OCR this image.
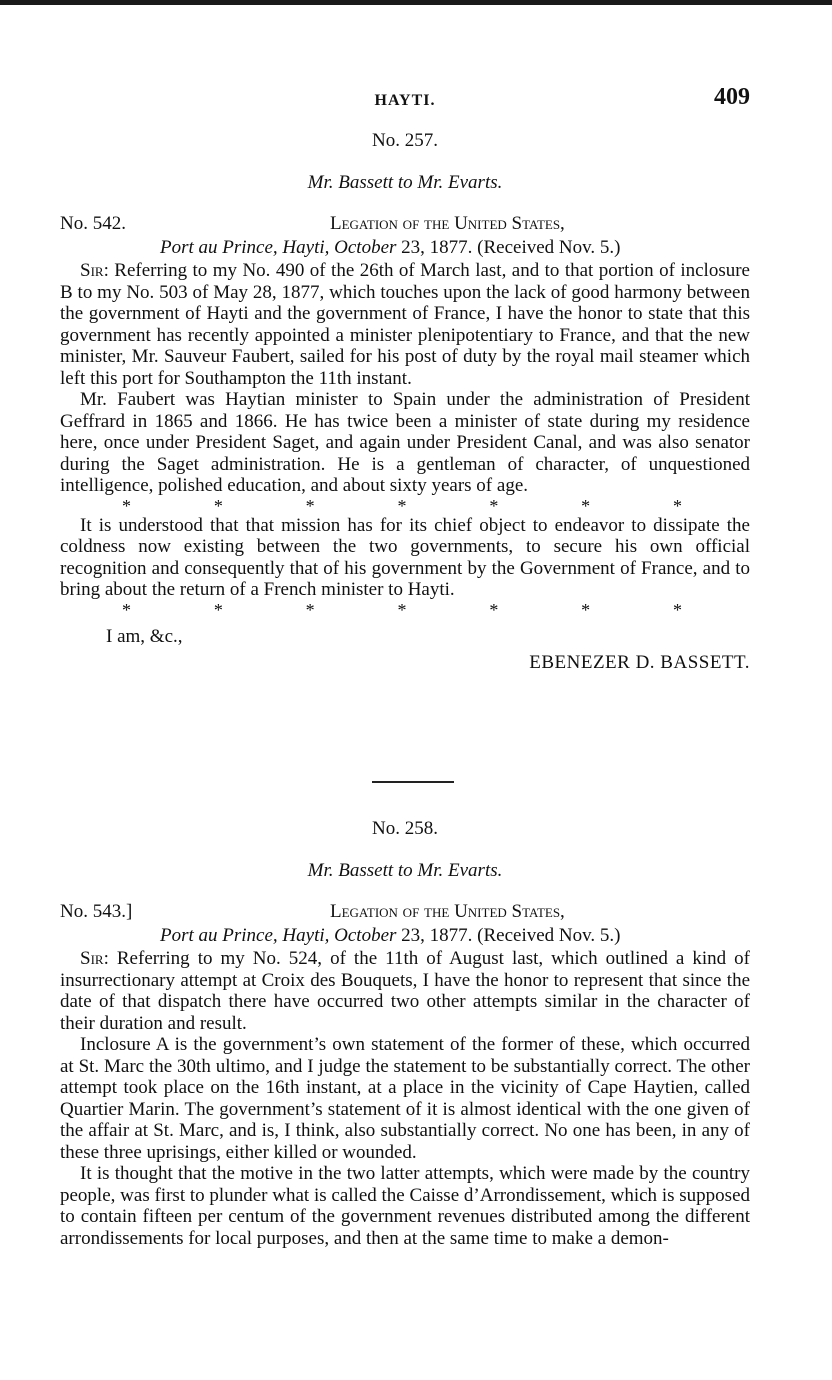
HAYTI.	409
No. 257.
Mr. Bassett to Mr. Evarts.
No. 542.	Legation of the United States,
Port au Prince, Hayti, October 23, 1877. (Received Nov. 5.)

Sir: Referring to my No. 490 of the 26th of March last, and to that portion of inclosure B to my No. 503 of May 28, 1877, which touches upon the lack of good harmony between the government of Hayti and the government of France, I have the honor to state that this government has recently appointed a minister plenipotentiary to France, and that the new minister, Mr. Sauveur Faubert, sailed for his post of duty by the royal mail steamer which left this port for Southampton the 11th instant.

Mr. Faubert was Haytian minister to Spain under the administration of President Geffrard in 1865 and 1866. He has twice been a minister of state during my residence here, once under President Saget, and again under President Canal, and was also senator during the Saget administration. He is a gentleman of character, of unquestioned intelligence, polished education, and about sixty years of age.

*	*	*	*	*	*	*

It is understood that that mission has for its chief object to endeavor to dissipate the coldness now existing between the two governments, to secure his own official recognition and consequently that of his government by the Government of France, and to bring about the return of a French minister to Hayti.

*	*	*	*	*	*	*
I am, &c.,
EBENEZER D. BASSETT.
No. 258.
Mr. Bassett to Mr. Evarts.
No. 543.]	Legation of the United States,
Port au Prince, Hayti, October 23, 1877. (Received Nov. 5.)

Sir: Referring to my No. 524, of the 11th of August last, which outlined a kind of insurrectionary attempt at Croix des Bouquets, I have the honor to represent that since the date of that dispatch there have occurred two other attempts similar in the character of their duration and result.

Inclosure A is the government’s own statement of the former of these, which occurred at St. Marc the 30th ultimo, and I judge the statement to be substantially correct. The other attempt took place on the 16th instant, at a place in the vicinity of Cape Haytien, called Quartier Marin. The government’s statement of it is almost identical with the one given of the affair at St. Marc, and is, I think, also substantially correct. No one has been, in any of these three uprisings, either killed or wounded.

It is thought that the motive in the two latter attempts, which were made by the country people, was first to plunder what is called the Caisse d’Arrondissement, which is supposed to contain fifteen per centum of the government revenues distributed among the different arrondissements for local purposes, and then at the same time to make a demon-
